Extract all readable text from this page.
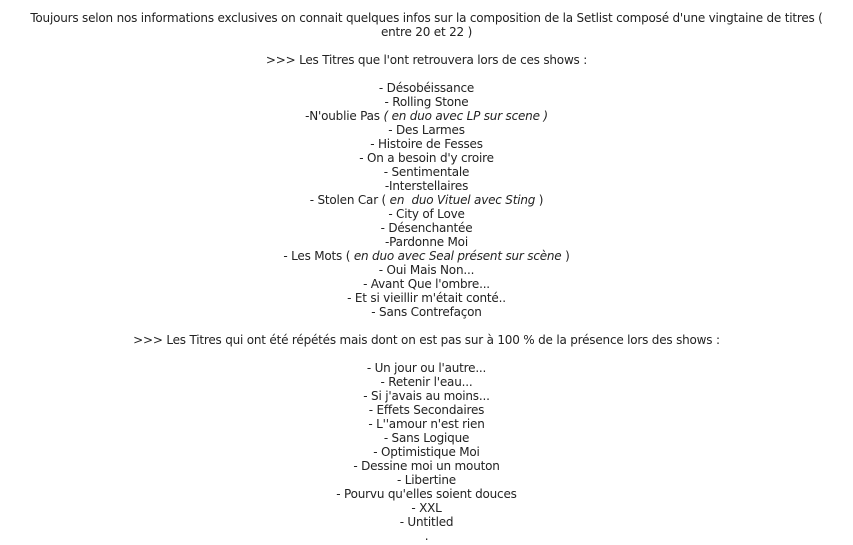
Toujours selon nos informations exclusives on connait quelques infos sur la composition de la Setlist composé d'une vingtaine de titres ( entre 20 et 22 )
>>> Les Titres que l'ont retrouvera lors de ces shows :
- Désobéissance
- Rolling Stone
-N'oublie Pas ( en duo avec LP sur scene )
- Des Larmes
- Histoire de Fesses
- On a besoin d'y croire
- Sentimentale
-Interstellaires
- Stolen Car ( en  duo Vituel avec Sting )
- City of Love
- Désenchantée
-Pardonne Moi
- Les Mots ( en duo avec Seal présent sur scène )
- Oui Mais Non...
- Avant Que l'ombre...
- Et si vieillir m'était conté..
- Sans Contrefaçon
>>> Les Titres qui ont été répétés mais dont on est pas sur à 100 % de la présence lors des shows :
- Un jour ou l'autre...
- Retenir l'eau...
- Si j'avais au moins...
- Effets Secondaires
- L''amour n'est rien
- Sans Logique
- Optimistique Moi
- Dessine moi un mouton
- Libertine
- Pourvu qu'elles soient douces
- XXL
- Untitled
.
